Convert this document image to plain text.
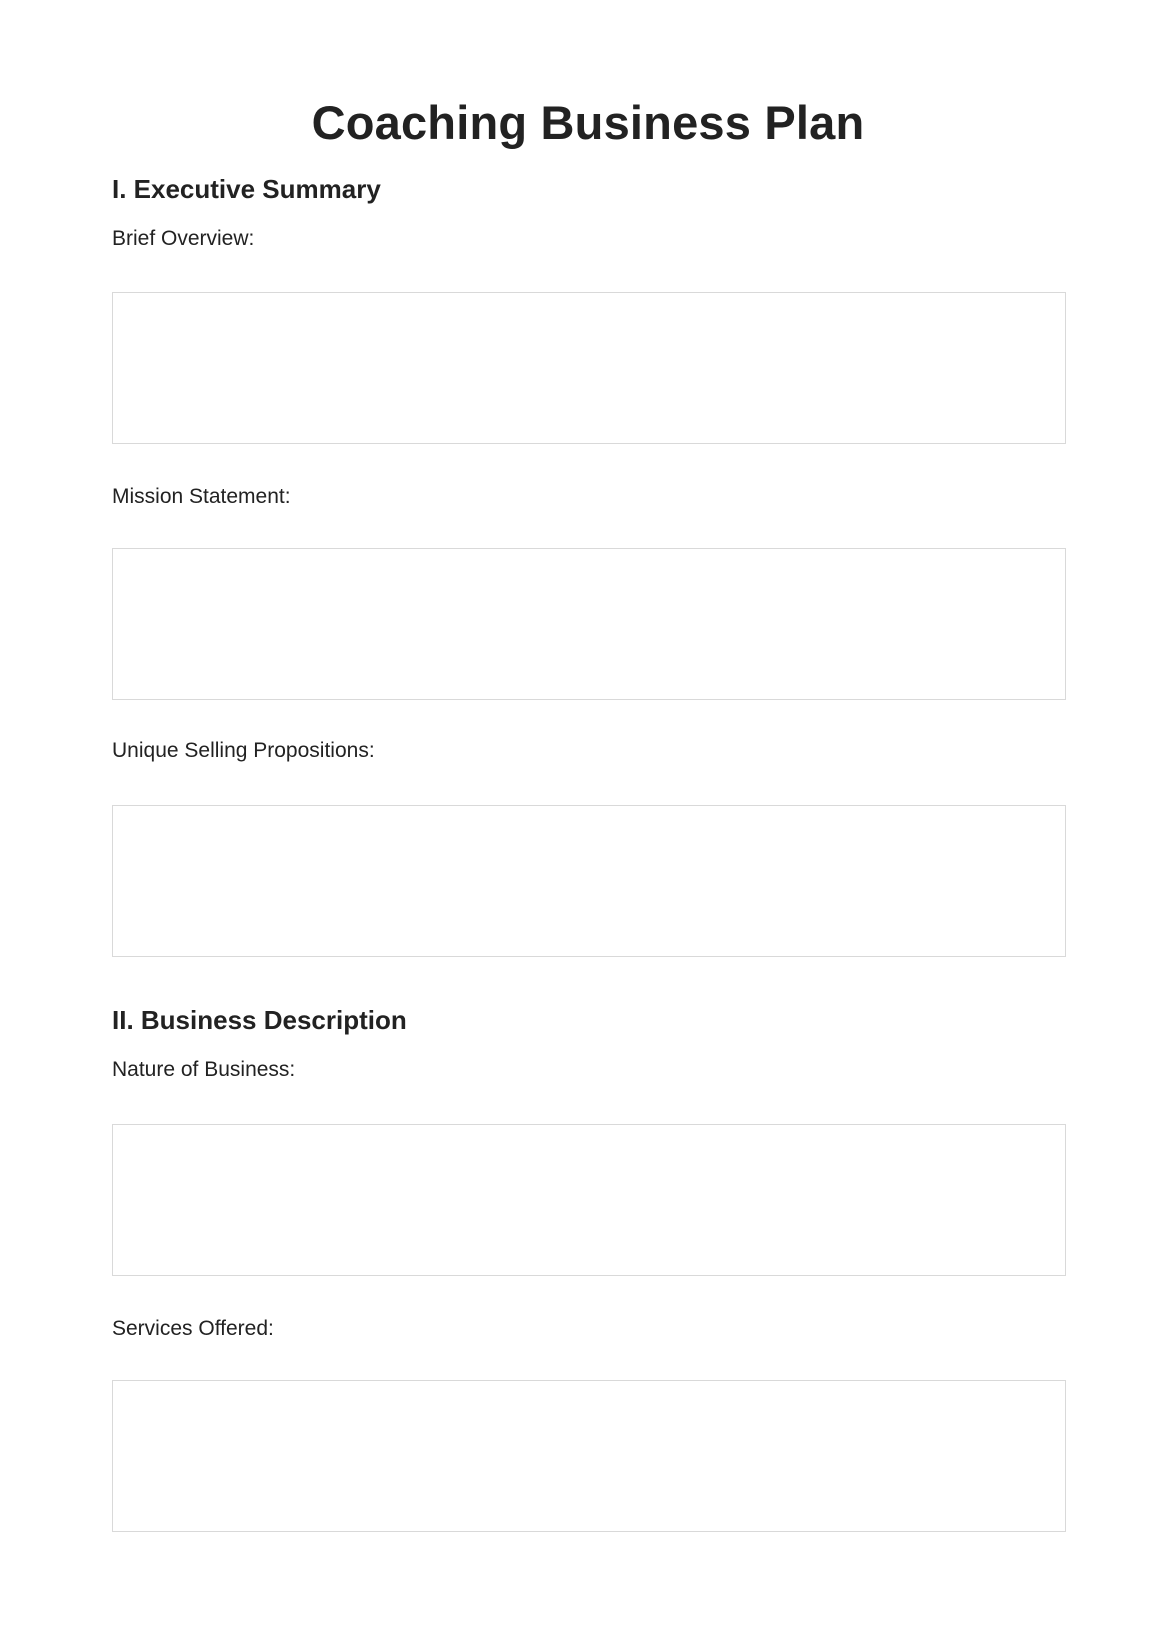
Coaching Business Plan
I. Executive Summary

Brief Overview:

Mission Statement:

Unique Selling Propositions:

II. Business Description

Nature of Business:

Services Offered:
